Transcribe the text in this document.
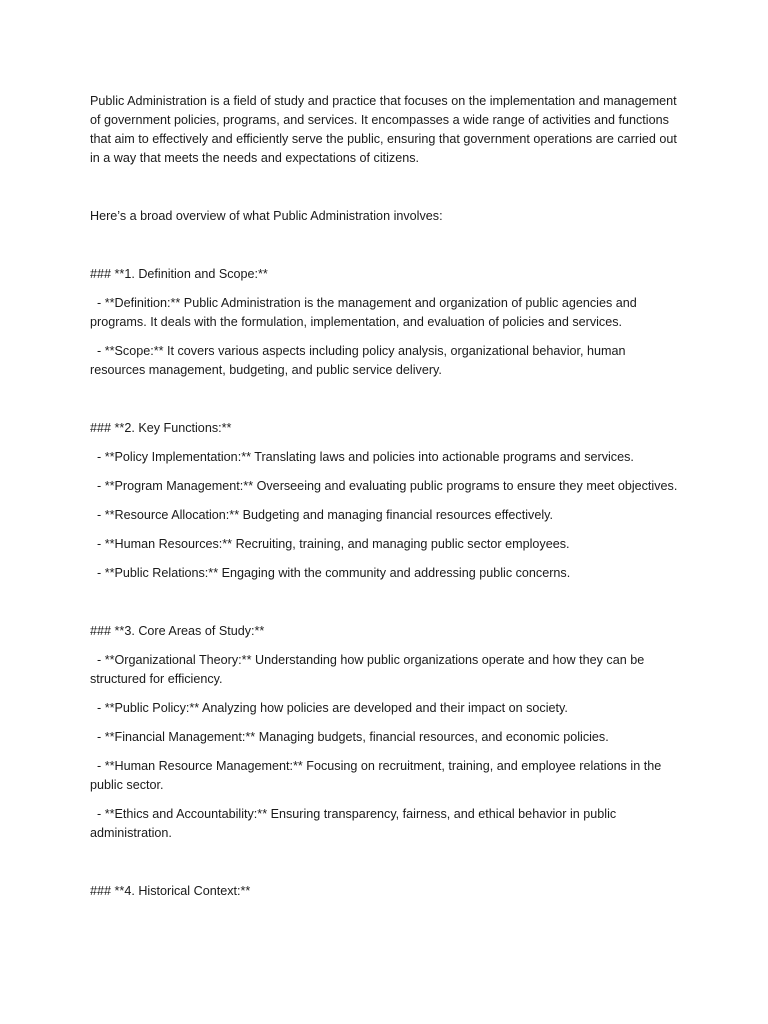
Public Administration is a field of study and practice that focuses on the implementation and management of government policies, programs, and services. It encompasses a wide range of activities and functions that aim to effectively and efficiently serve the public, ensuring that government operations are carried out in a way that meets the needs and expectations of citizens.

Here’s a broad overview of what Public Administration involves:

### **1. Definition and Scope:**

- **Definition:** Public Administration is the management and organization of public agencies and programs. It deals with the formulation, implementation, and evaluation of policies and services.

- **Scope:** It covers various aspects including policy analysis, organizational behavior, human resources management, budgeting, and public service delivery.

### **2. Key Functions:**

- **Policy Implementation:** Translating laws and policies into actionable programs and services.

- **Program Management:** Overseeing and evaluating public programs to ensure they meet objectives.

- **Resource Allocation:** Budgeting and managing financial resources effectively.

- **Human Resources:** Recruiting, training, and managing public sector employees.

- **Public Relations:** Engaging with the community and addressing public concerns.

### **3. Core Areas of Study:**

- **Organizational Theory:** Understanding how public organizations operate and how they can be structured for efficiency.

- **Public Policy:** Analyzing how policies are developed and their impact on society.

- **Financial Management:** Managing budgets, financial resources, and economic policies.

- **Human Resource Management:** Focusing on recruitment, training, and employee relations in the public sector.

- **Ethics and Accountability:** Ensuring transparency, fairness, and ethical behavior in public administration.

### **4. Historical Context:**
